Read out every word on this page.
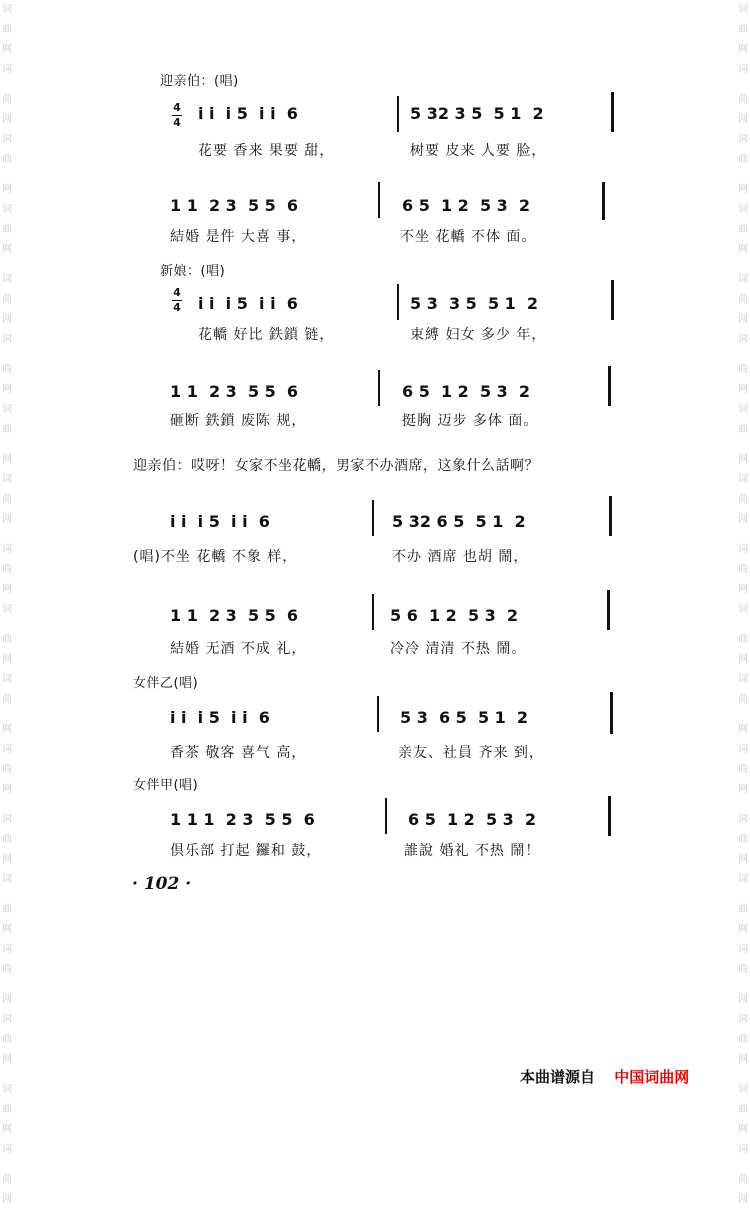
词
曲
网
词
曲
网
词
曲
网
词
曲
网
词
曲
网
词
曲
网
词
曲
网
词
曲
网
词
曲
网
词
曲
网
词
曲
网
词
曲
网
词
曲
网
词
曲
网
词
曲
网
词
曲
网
词
曲
网
词
曲
网
词
曲
网
词
曲
网
词
曲
网
词
曲
网
词
曲
网
词
曲
网
词
曲
网
词
曲
网
词
曲
网
词
曲
网
词
曲
网
词
曲
网
词
曲
网
词
曲
网
词
曲
网
词
曲
网
词
曲
网
词
曲
网
迎亲伯：(唱)
4
4 i i  i 5  i i  6	5 32 3 5  5 1  2
花要 香来 果要 甜，	树要 皮来 人要 脸，
1 1  2 3  5 5  6	6 5  1 2  5 3  2
結婚 是件 大喜 事，	不坐 花轎 不体 面。
新娘：(唱)
4
4 i i  i 5  i i  6	5 3  3 5  5 1  2
花轎 好比 鉄鎖 链，	束縛 妇女 多少 年，
1 1  2 3  5 5  6	6 5  1 2  5 3  2
砸断 鉄鎖 废陈 规，	挺胸 迈步 多体 面。
迎亲伯：哎呀！女家不坐花轎，男家不办酒席，这象什么話啊？
i i  i 5  i i  6	5 32 6 5  5 1  2
(唱) 不坐 花轎 不象 样，	不办 酒席 也胡 鬧，
1 1  2 3  5 5  6	5 6  1 2  5 3  2
結婚 无酒 不成 礼，	冷冷 清清 不热 鬧。
女伴乙(唱)
i i  i 5  i i  6	5 3  6 5  5 1  2
香茶 敬客 喜气 高，	亲友、社員 齐来 到，
女伴甲(唱)
1 1 1  2 3  5 5  6	6 5  1 2  5 3  2
倶乐部 打起 鑼和 鼓，	誰說 婚礼 不热 鬧！
· 102 ·
本曲谱源自 中国词曲网
